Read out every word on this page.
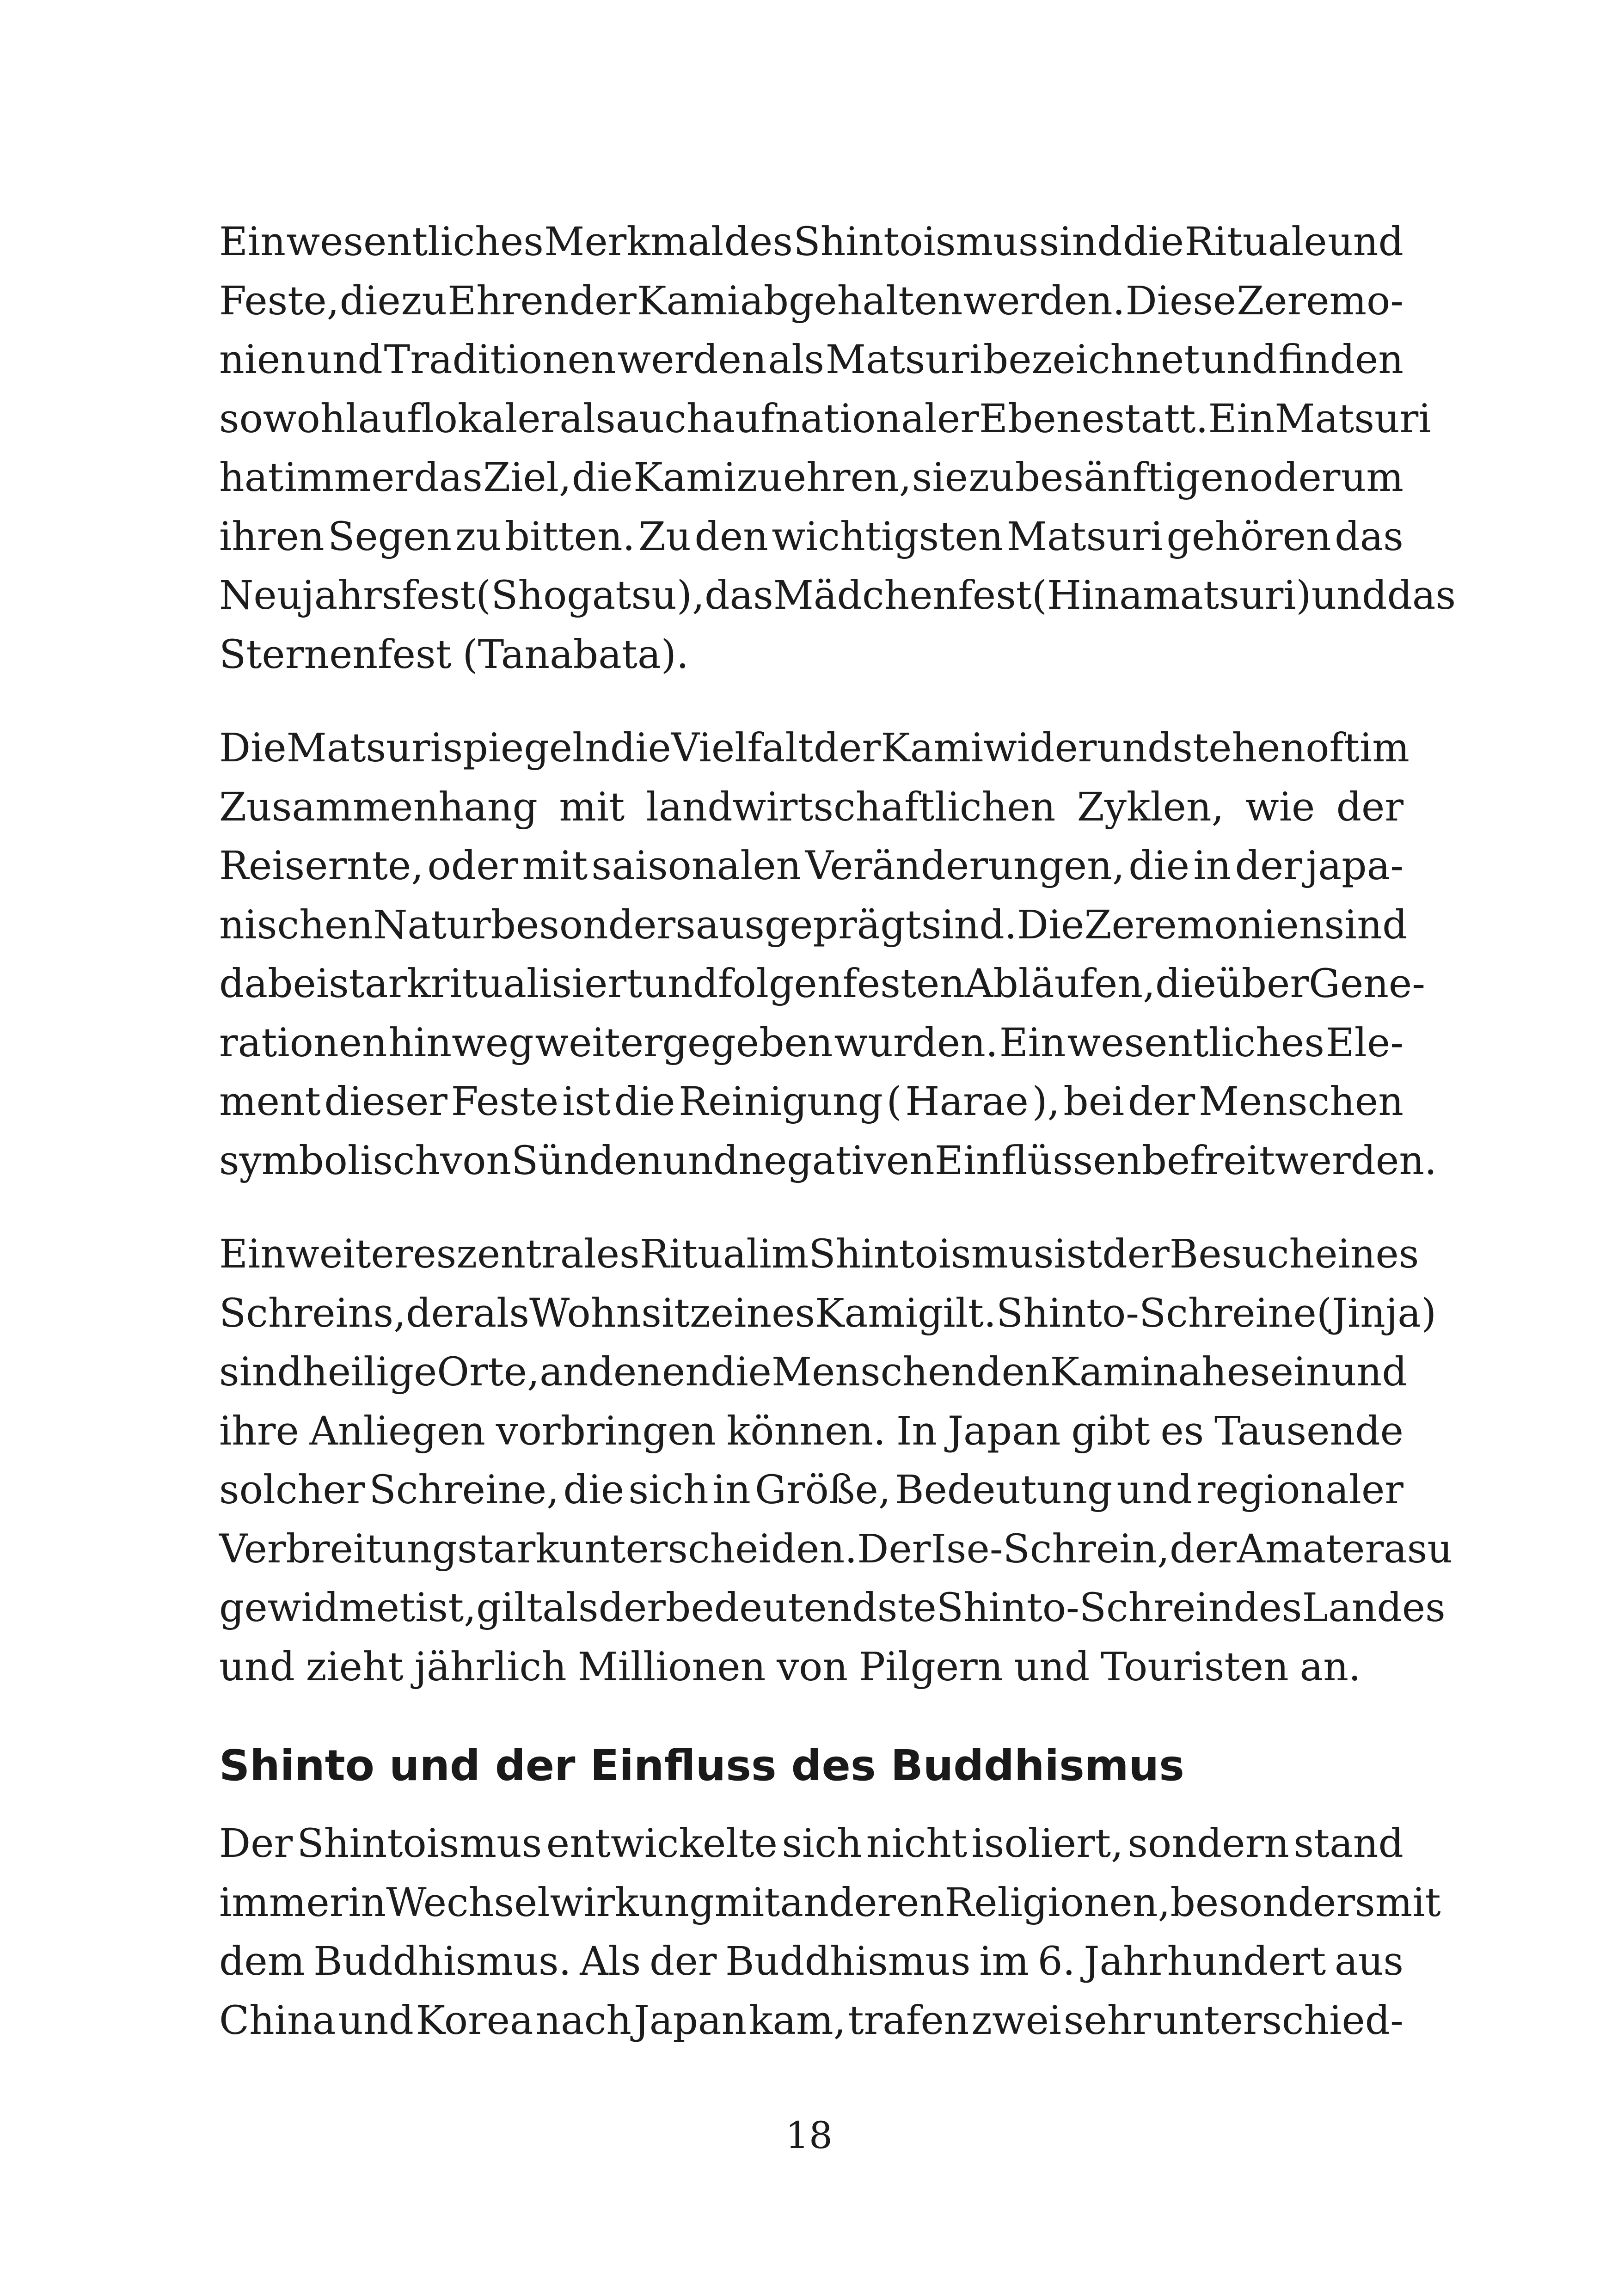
Ein wesentliches Merkmal des Shintoismus sind die Rituale und
Feste, die zu Ehren der Kami abgehalten werden. Diese Zeremo-
nien und Traditionen werden als Matsuri bezeichnet und finden
sowohl auf lokaler als auch auf nationaler Ebene statt. Ein Matsuri
hat immer das Ziel, die Kami zu ehren, sie zu besänftigen oder um
ihren Segen zu bitten. Zu den wichtigsten Matsuri gehören das
Neujahrsfest (Shogatsu), das Mädchenfest (Hinamatsuri) und das
Sternenfest (Tanabata).
Die Matsuri spiegeln die Vielfalt der Kami wider und stehen oft im
Zusammenhang mit landwirtschaftlichen Zyklen, wie der
Reisernte, oder mit saisonalen Veränderungen, die in der japa-
nischen Natur besonders ausgeprägt sind. Die Zeremonien sind
dabei stark ritualisiert und folgen festen Abläufen, die über Gene-
rationen hinweg weitergegeben wurden. Ein wesentliches Ele-
ment dieser Feste ist die Reinigung ( Harae ), bei der Menschen
symbolisch von Sünden und negativen Einflüssen befreit werden.
Ein weiteres zentrales Ritual im Shintoismus ist der Besuch eines
Schreins, der als Wohnsitz eines Kami gilt. Shinto-Schreine (Jinja)
sind heilige Orte, an denen die Menschen den Kami nahe sein und
ihre Anliegen vorbringen können. In Japan gibt es Tausende
solcher Schreine, die sich in Größe, Bedeutung und regionaler
Verbreitung stark unterscheiden. Der Ise-Schrein, der Amaterasu
gewidmet ist, gilt als der bedeutendste Shinto-Schrein des Landes
und zieht jährlich Millionen von Pilgern und Touristen an.
Shinto und der Einfluss des Buddhismus
Der Shintoismus entwickelte sich nicht isoliert, sondern stand
immer in Wechselwirkung mit anderen Religionen, besonders mit
dem Buddhismus. Als der Buddhismus im 6. Jahrhundert aus
China und Korea nach Japan kam, trafen zwei sehr unterschied-
18
